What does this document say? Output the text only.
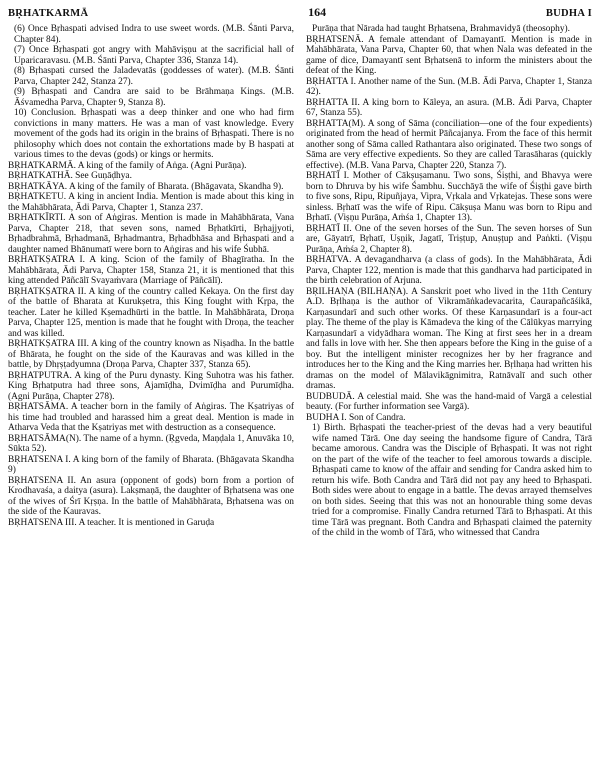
BṚHATKARMĀ	164	BUDHA I

(6) Once Bṛhaspati advised Indra to use sweet words. (M.B. Śānti Parva, Chapter 84).

(7) Once Bṛhaspati got angry with Mahāviṣṇu at the sacrificial hall of Uparicaravasu. (M.B. Śānti Parva, Chapter 336, Stanza 14).

(8) Bṛhaspati cursed the Jaladevatās (goddesses of water). (M.B. Śānti Parva, Chapter 242, Stanza 27).

(9) Bṛhaspati and Candra are said to be Brāhmaṇa Kings. (M.B. Āśvamedha Parva, Chapter 9, Stanza 8).

10) Conclusion. Bṛhaspati was a deep thinker and one who had firm convictions in many matters. He was a man of vast knowledge. Every movement of the gods had its origin in the brains of Bṛhaspati. There is no philosophy which does not contain the exhortations made by B haspati at various times to the devas (gods) or kings or hermits.

BṚHATKARMĀ. A king of the family of Aṅga. (Agni Purāṇa).

BṚHATKATHĀ. See Guṇāḍhya.

BṚHATKĀYA. A king of the family of Bharata. (Bhāgavata, Skandha 9).

BṚHATKETU. A king in ancient India. Mention is made about this king in the Mahābhārata, Ādi Parva, Chapter 1, Stanza 237.

BṚHATKĪRTI. A son of Aṅgiras. Mention is made in Mahābhārata, Vana Parva, Chapter 218, that seven sons, named Bṛhatkīrti, Bṛhajjyoti, Bṛhadbrahmā, Bṛhadmanā, Bṛhadmantra, Bṛhadbhāsa and Bṛhaspati and a daughter named Bhānumatī were born to Aṅgiras and his wife Śubhā.

BṚHATKṢATRA I. A king. Scion of the family of Bhagīratha. In the Mahābhārata, Ādi Parva, Chapter 158, Stanza 21, it is mentioned that this king attended Pāñcālī Svayaṁvara (Marriage of Pāñcālī).

BṚHATKṢATRA II. A king of the country called Kekaya. On the first day of the battle of Bharata at Kurukṣetra, this King fought with Kṛpa, the teacher. Later he killed Kṣemadhūrti in the battle. In Mahābhārata, Droṇa Parva, Chapter 125, mention is made that he fought with Droṇa, the teacher and was killed.

BṚHATKṢATRA III. A king of the country known as Niṣadha. In the battle of Bhārata, he fought on the side of the Kauravas and was killed in the battle, by Dhṛṣṭadyumna (Droṇa Parva, Chapter 337, Stanza 65).

BṚHATPUTRA. A king of the Puru dynasty. King Suhotra was his father. King Bṛhatputra had three sons, Ajamīḍha, Dvimīḍha and Purumīḍha. (Agni Purāṇa, Chapter 278).

BṚHATSĀMA. A teacher born in the family of Aṅgiras. The Kṣatriyas of his time had troubled and harassed him a great deal. Mention is made in Atharva Veda that the Kṣatriyas met with destruction as a consequence.

BṚHATSĀMA(N). The name of a hymn. (Ṛgveda, Maṇḍala 1, Anuvāka 10, Sūkta 52).

BṚHATSENA I. A king born of the family of Bharata. (Bhāgavata Skandha 9)

BṚHATSENA II. An asura (opponent of gods) born from a portion of Krodhavaśa, a daitya (asura). Lakṣmaṇā, the daughter of Bṛhatsena was one of the wives of Śrī Kṛṣṇa. In the battle of Mahābhārata, Bṛhatsena was on the side of the Kauravas.

BṚHATSENA III. A teacher. It is mentioned in Garuḍa

Purāṇa that Nārada had taught Bṛhatsena, Brahmavidyā (theosophy).

BṚHATSENĀ. A female attendant of Damayantī. Mention is made in Mahābhārata, Vana Parva, Chapter 60, that when Nala was defeated in the game of dice, Damayantī sent Bṛhatsenā to inform the ministers about the defeat of the King.

BṚHATTA I. Another name of the Sun. (M.B. Ādi Parva, Chapter 1, Stanza 42).

BṚHATTA II. A king born to Kāleya, an asura. (M.B. Ādi Parva, Chapter 67, Stanza 55).

BṚHATTA(M). A song of Sāma (conciliation—one of the four expedients) originated from the head of hermit Pāñcajanya. From the face of this hermit another song of Sāma called Rathantara also originated. These two songs of Sāma are very effective expedients. So they are called Tarasāharas (quickly effective). (M.B. Vana Parva, Chapter 220, Stanza 7).

BṚHATĪ I. Mother of Cākṣuṣamanu. Two sons, Śiṣṭhi, and Bhavya were born to Dhruva by his wife Śambhu. Succhāyā the wife of Śiṣṭhi gave birth to five sons, Ripu, Ripuñjaya, Vipra, Vṛkala and Vṛkatejas. These sons were sinless. Bṛhatī was the wife of Ripu. Cākṣuṣa Manu was born to Ripu and Bṛhatī. (Viṣṇu Purāṇa, Aṁśa 1, Chapter 13).

BṚHATĪ II. One of the seven horses of the Sun. The seven horses of Sun are, Gāyatrī, Bṛhatī, Uṣṇik, Jagatī, Triṣṭup, Anuṣṭup and Paṅkti. (Viṣṇu Purāṇa, Aṁśa 2, Chapter 8).

BṚHATVA. A devagandharva (a class of gods). In the Mahābhārata, Ādi Parva, Chapter 122, mention is made that this gandharva had participated in the birth celebration of Arjuna.

BṚILHAṆA (BILHAṆA). A Sanskrit poet who lived in the 11th Century A.D. Bṛlhaṇa is the author of Vikramāṅkadevacarita, Caurapañcāśikā, Karṇasundarī and such other works. Of these Karṇasundarī is a four-act play. The theme of the play is Kāmadeva the king of the Cālūkyas marrying Karṇasundarī a vidyādhara woman. The King at first sees her in a dream and falls in love with her. She then appears before the King in the guise of a boy. But the intelligent minister recognizes her by her fragrance and introduces her to the King and the King marries her. Bṛlhaṇa had written his dramas on the model of Mālavikāgnimitra, Ratnāvalī and such other dramas.

BUDBUDĀ. A celestial maid. She was the hand-maid of Vargā a celestial beauty. (For further information see Vargā).

BUDHA I. Son of Candra.

1) Birth. Bṛhaspati the teacher-priest of the devas had a very beautiful wife named Tārā. One day seeing the handsome figure of Candra, Tārā became amorous. Candra was the Disciple of Bṛhaspati. It was not right on the part of the wife of the teacher to feel amorous towards a disciple. Bṛhaspati came to know of the affair and sending for Candra asked him to return his wife. Both Candra and Tārā did not pay any heed to Bṛhaspati. Both sides were about to engage in a battle. The devas arrayed themselves on both sides. Seeing that this was not an honourable thing some devas tried for a compromise. Finally Candra returned Tārā to Bṛhaspati. At this time Tārā was pregnant. Both Candra and Bṛhaspati claimed the paternity of the child in the womb of Tārā, who witnessed that Candra
